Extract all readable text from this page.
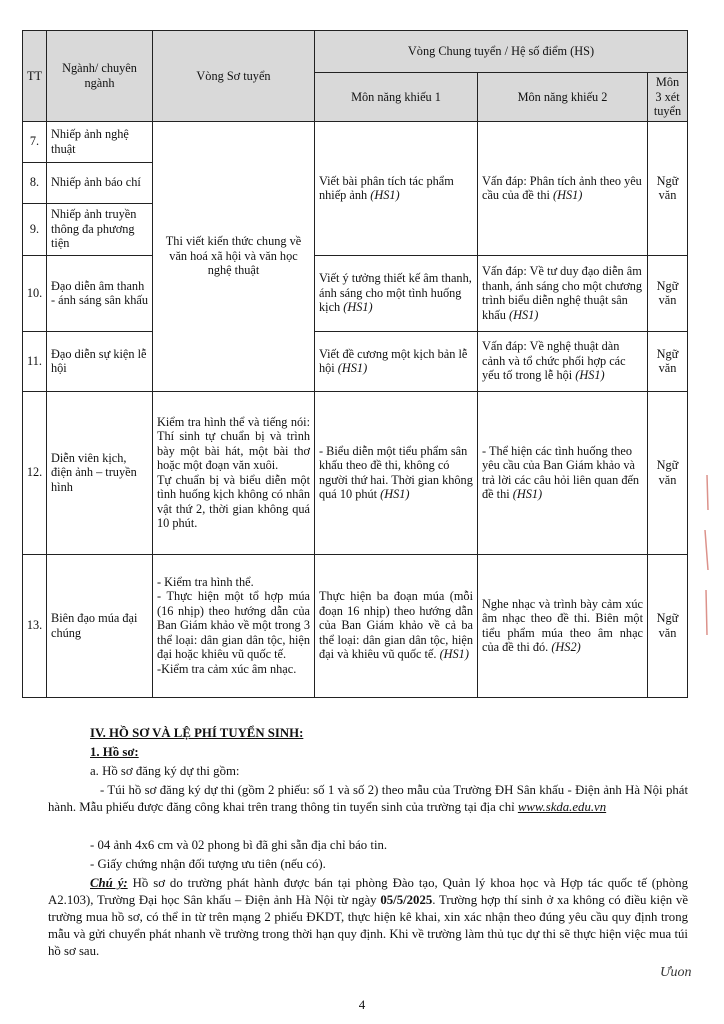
TT	Ngành/ chuyên ngành	Vòng Sơ tuyển	Vòng Chung tuyển / Hệ số điểm (HS)		
			Môn năng khiếu 1	Môn năng khiếu 2	Môn 3 xét tuyển
7.	Nhiếp ảnh nghệ thuật	Thi viết kiến thức chung về văn hoá xã hội và văn học nghệ thuật	Viết bài phân tích tác phẩm nhiếp ảnh (HS1)	Vấn đáp: Phân tích ảnh theo yêu cầu của đề thi (HS1)	Ngữ văn
8.	Nhiếp ảnh báo chí				
9.	Nhiếp ảnh truyền thông đa phương tiện				
10.	Đạo diễn âm thanh - ánh sáng sân khấu		Viết ý tưởng thiết kế âm thanh, ánh sáng cho một tình huống kịch (HS1)	Vấn đáp: Về tư duy đạo diễn âm thanh, ánh sáng cho một chương trình biểu diễn nghệ thuật sân khấu (HS1)	Ngữ văn
11.	Đạo diễn sự kiện lễ hội		Viết đề cương một kịch bản lễ hội (HS1)	Vấn đáp: Về nghệ thuật dàn cảnh và tổ chức phối hợp các yếu tố trong lễ hội (HS1)	Ngữ văn
12.	Diễn viên kịch, điện ảnh – truyền hình	Kiểm tra hình thể và tiếng nói: Thí sinh tự chuẩn bị và trình bày một bài hát, một bài thơ hoặc một đoạn văn xuôi.
Tự chuẩn bị và biểu diễn một tình huống kịch không có nhân vật thứ 2, thời gian không quá 10 phút.	- Biểu diễn một tiểu phẩm sân khấu theo đề thi, không có người thứ hai. Thời gian không quá 10 phút (HS1)	- Thể hiện các tình huống theo yêu cầu của Ban Giám khảo và trả lời các câu hỏi liên quan đến đề thi (HS1)	Ngữ văn
13.	Biên đạo múa đại chúng	- Kiểm tra hình thể.
- Thực hiện một tổ hợp múa (16 nhịp) theo hướng dẫn của Ban Giám khảo về một trong 3 thể loại: dân gian dân tộc, hiện đại hoặc khiêu vũ quốc tế.
-Kiểm tra cảm xúc âm nhạc.	Thực hiện ba đoạn múa (mỗi đoạn 16 nhịp) theo hướng dẫn của Ban Giám khảo về cả ba thể loại: dân gian dân tộc, hiện đại và khiêu vũ quốc tế. (HS1)	Nghe nhạc và trình bày cảm xúc âm nhạc theo đề thi. Biên một tiểu phẩm múa theo âm nhạc của đề thi đó. (HS2)	Ngữ văn
IV. HỒ SƠ VÀ LỆ PHÍ TUYỂN SINH:
1. Hồ sơ:
a. Hồ sơ đăng ký dự thi gồm:
- Túi hồ sơ đăng ký dự thi (gồm 2 phiếu: số 1 và số 2) theo mẫu của Trường ĐH Sân khấu - Điện ảnh Hà Nội phát hành. Mẫu phiếu được đăng công khai trên trang thông tin tuyển sinh của trường tại địa chỉ www.skda.edu.vn
- 04 ảnh 4x6 cm và 02 phong bì đã ghi sẵn địa chỉ báo tin.
- Giấy chứng nhận đối tượng ưu tiên (nếu có).
Chú ý: Hồ sơ do trường phát hành được bán tại phòng Đào tạo, Quản lý khoa học và Hợp tác quốc tế (phòng A2.103), Trường Đại học Sân khấu – Điện ảnh Hà Nội từ ngày 05/5/2025. Trường hợp thí sinh ở xa không có điều kiện về trường mua hồ sơ, có thể in từ trên mạng 2 phiếu ĐKDT, thực hiện kê khai, xin xác nhận theo đúng yêu cầu quy định trong mẫu và gửi chuyển phát nhanh về trường trong thời hạn quy định. Khi về trường làm thủ tục dự thi sẽ thực hiện việc mua túi hồ sơ sau.
Ưuon
4
